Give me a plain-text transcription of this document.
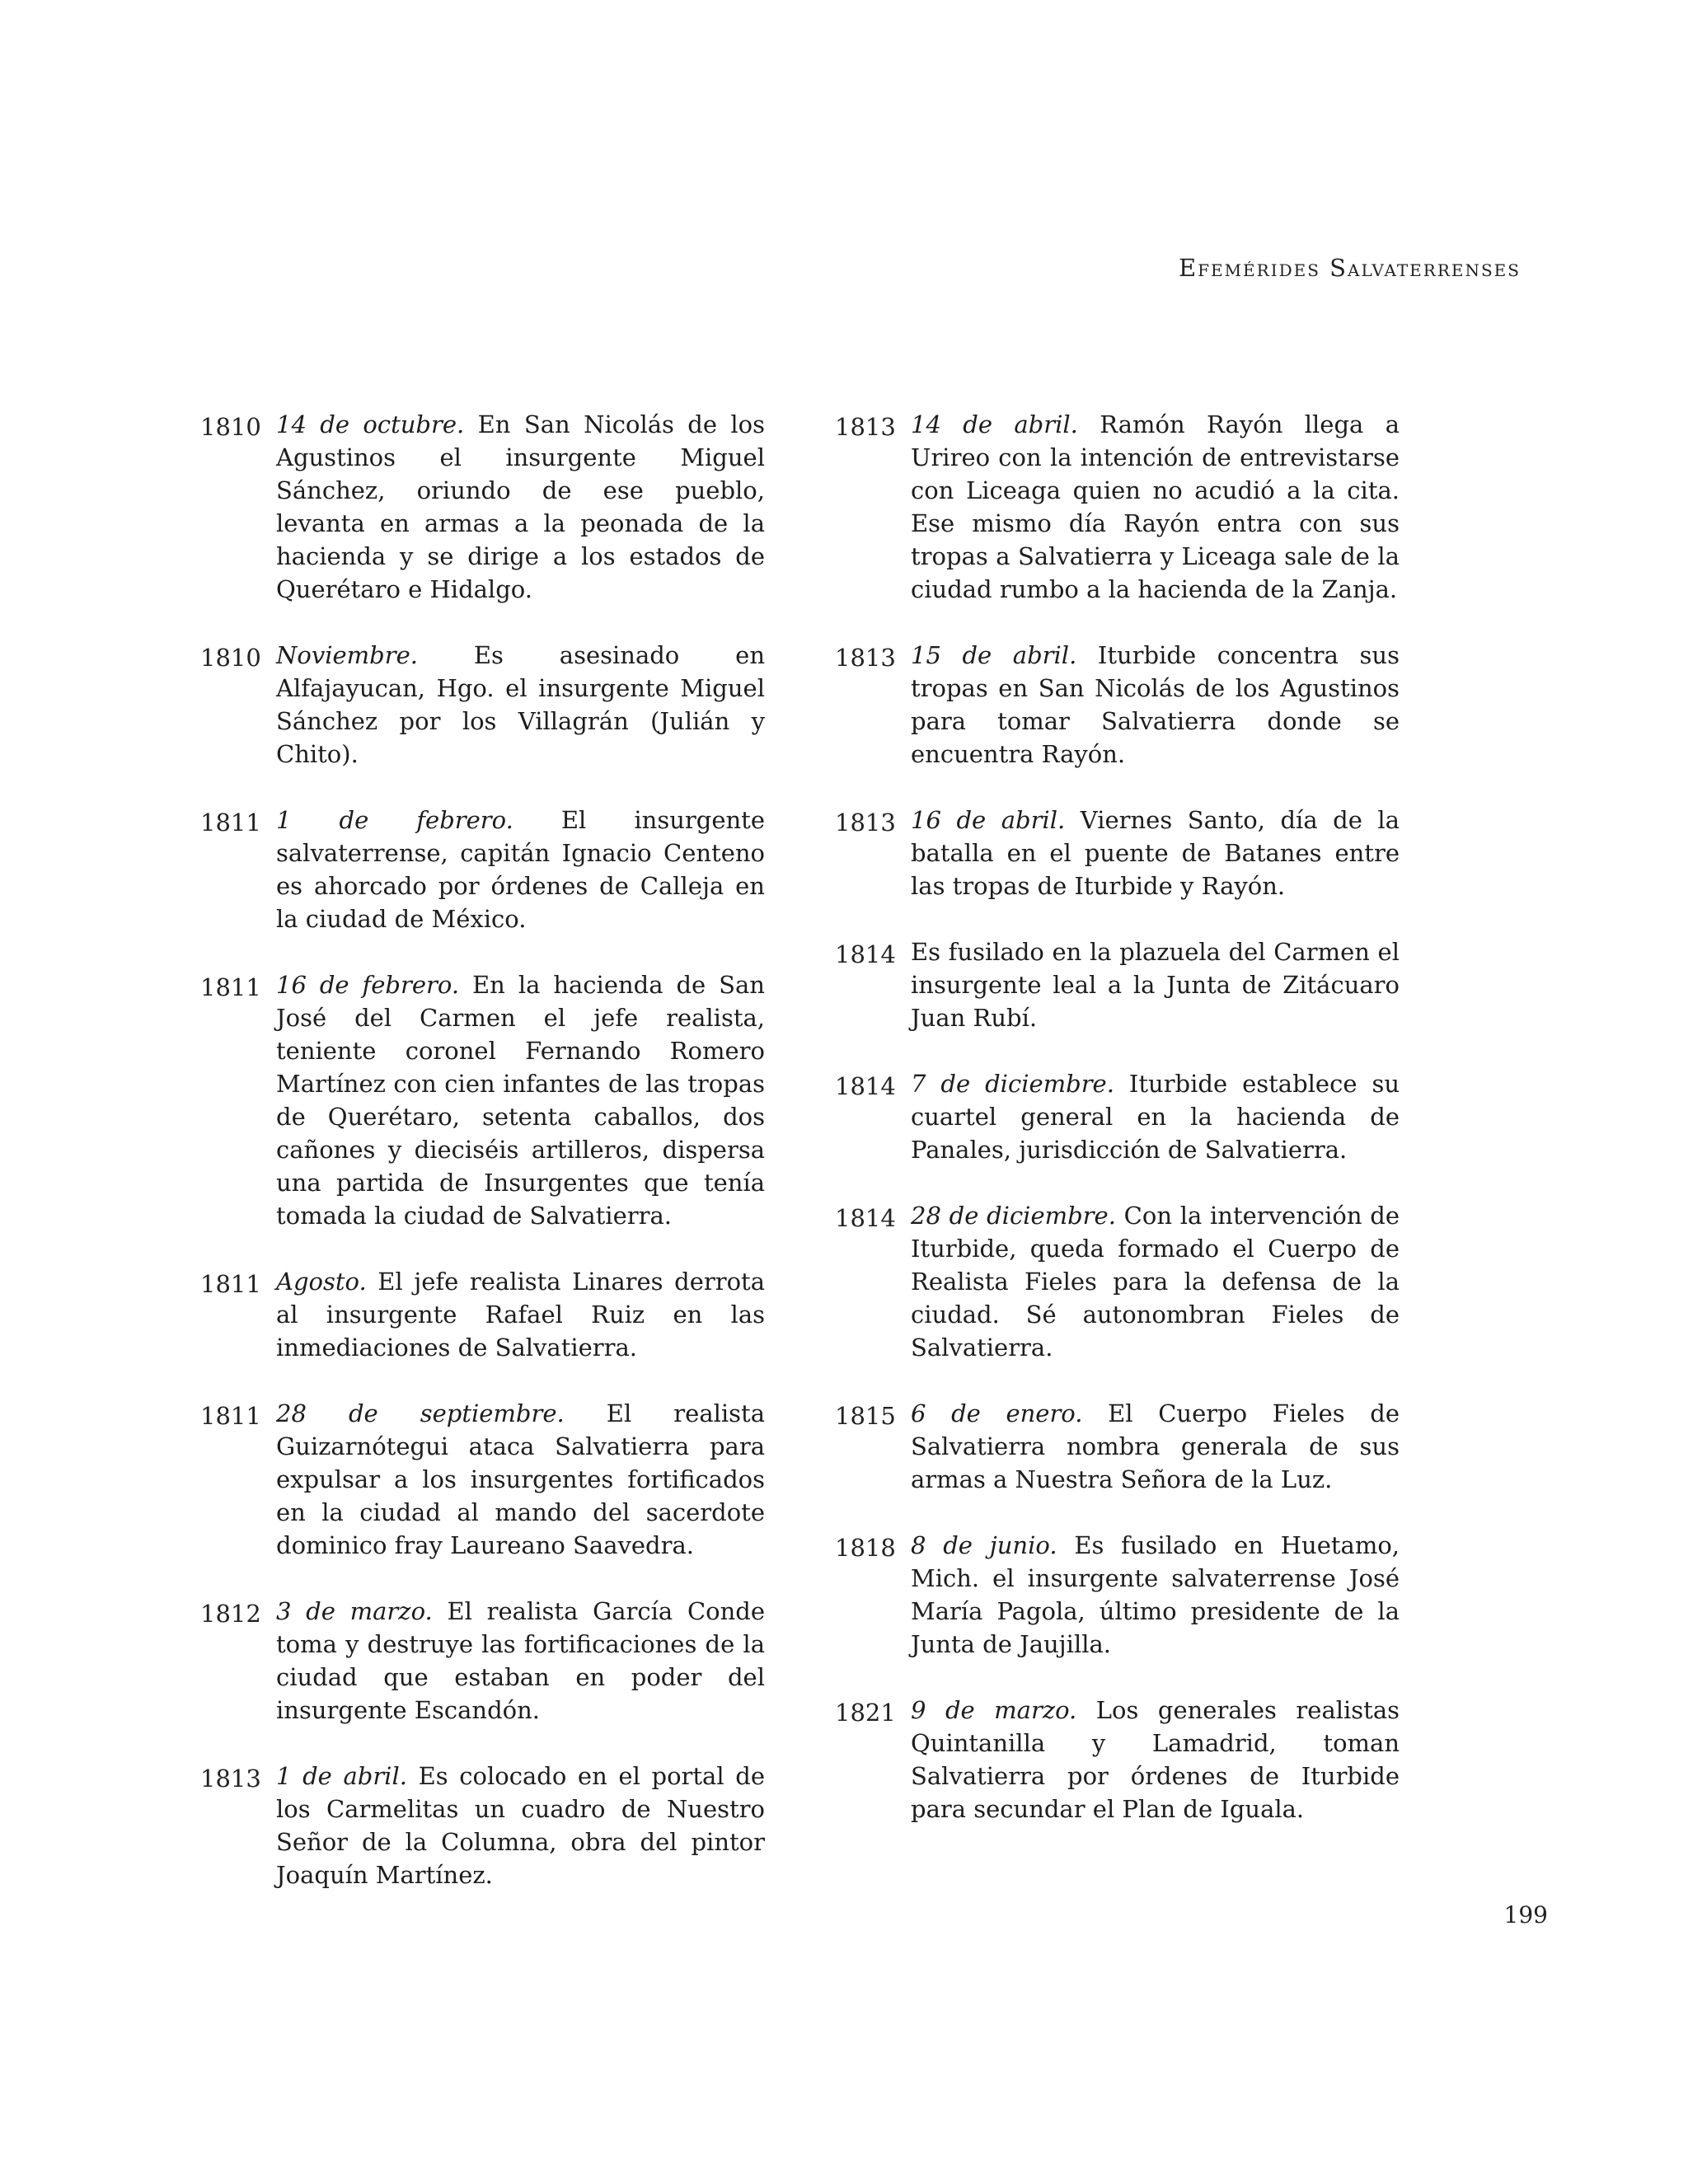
Efemérides Salvaterrenses
1810 14 de octubre. En San Nicolás de los Agustinos el insurgente Miguel Sánchez, oriundo de ese pueblo, levanta en armas a la peonada de la hacienda y se dirige a los estados de Querétaro e Hidalgo.
1810 Noviembre. Es asesinado en Alfajayucan, Hgo. el insurgente Miguel Sánchez por los Villagrán (Julián y Chito).
1811 1 de febrero. El insurgente salvaterrense, capitán Ignacio Centeno es ahorcado por órdenes de Calleja en la ciudad de México.
1811 16 de febrero. En la hacienda de San José del Carmen el jefe realista, teniente coronel Fernando Romero Martínez con cien infantes de las tropas de Querétaro, setenta caballos, dos cañones y dieciséis artilleros, dispersa una partida de Insurgentes que tenía tomada la ciudad de Salvatierra.
1811 Agosto. El jefe realista Linares derrota al insurgente Rafael Ruiz en las inmediaciones de Salvatierra.
1811 28 de septiembre. El realista Guizarnótegui ataca Salvatierra para expulsar a los insurgentes fortificados en la ciudad al mando del sacerdote dominico fray Laureano Saavedra.
1812 3 de marzo. El realista García Conde toma y destruye las fortificaciones de la ciudad que estaban en poder del insurgente Escandón.
1813 1 de abril. Es colocado en el portal de los Carmelitas un cuadro de Nuestro Señor de la Columna, obra del pintor Joaquín Martínez.
1813 14 de abril. Ramón Rayón llega a Urireo con la intención de entrevistarse con Liceaga quien no acudió a la cita. Ese mismo día Rayón entra con sus tropas a Salvatierra y Liceaga sale de la ciudad rumbo a la hacienda de la Zanja.
1813 15 de abril. Iturbide concentra sus tropas en San Nicolás de los Agustinos para tomar Salvatierra donde se encuentra Rayón.
1813 16 de abril. Viernes Santo, día de la batalla en el puente de Batanes entre las tropas de Iturbide y Rayón.
1814 Es fusilado en la plazuela del Carmen el insurgente leal a la Junta de Zitácuaro Juan Rubí.
1814 7 de diciembre. Iturbide establece su cuartel general en la hacienda de Panales, jurisdicción de Salvatierra.
1814 28 de diciembre. Con la intervención de Iturbide, queda formado el Cuerpo de Realista Fieles para la defensa de la ciudad. Sé autonombran Fieles de Salvatierra.
1815 6 de enero. El Cuerpo Fieles de Salvatierra nombra generala de sus armas a Nuestra Señora de la Luz.
1818 8 de junio. Es fusilado en Huetamo, Mich. el insurgente salvaterrense José María Pagola, último presidente de la Junta de Jaujilla.
1821 9 de marzo. Los generales realistas Quintanilla y Lamadrid, toman Salvatierra por órdenes de Iturbide para secundar el Plan de Iguala.
199
